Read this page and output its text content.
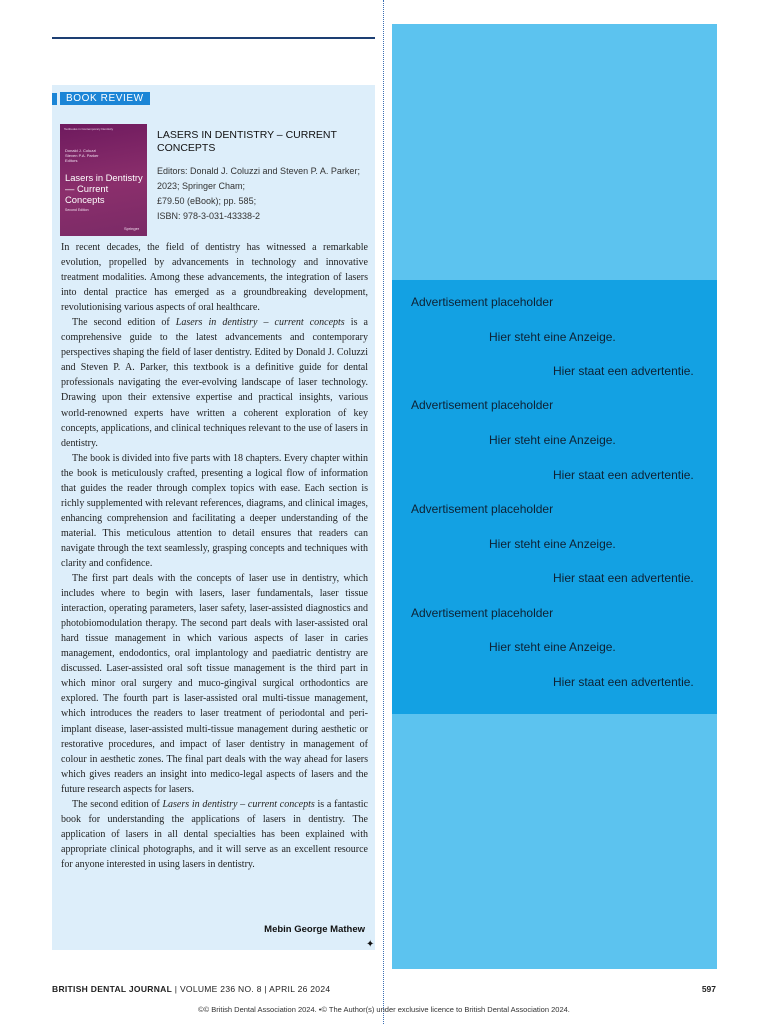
BOOK REVIEW
Textbooks in Contemporary Dentistry
Donald J. Coluzzi
Steven P.A. Parker
Editors
Lasers in Dentistry— Current Concepts
Second Edition
Springer
LASERS IN DENTISTRY – CURRENT CONCEPTS
Editors: Donald J. Coluzzi and Steven P. A. Parker;
2023; Springer Cham;
£79.50 (eBook); pp. 585;
ISBN: 978-3-031-43338-2

In recent decades, the field of dentistry has witnessed a remarkable evolution, propelled by advancements in technology and innovative treatment modalities. Among these advancements, the integration of lasers into dental practice has emerged as a groundbreaking development, revolutionising various aspects of oral healthcare.

The second edition of Lasers in dentistry – current concepts is a comprehensive guide to the latest advancements and contemporary perspectives shaping the field of laser dentistry. Edited by Donald J. Coluzzi and Steven P. A. Parker, this textbook is a definitive guide for dental professionals navigating the ever-evolving landscape of laser technology. Drawing upon their extensive expertise and practical insights, various world-renowned experts have written a coherent exploration of key concepts, applications, and clinical techniques relevant to the use of lasers in dentistry.

The book is divided into five parts with 18 chapters. Every chapter within the book is meticulously crafted, presenting a logical flow of information that guides the reader through complex topics with ease. Each section is richly supplemented with relevant references, diagrams, and clinical images, enhancing comprehension and facilitating a deeper understanding of the material. This meticulous attention to detail ensures that readers can navigate through the text seamlessly, grasping concepts and techniques with clarity and confidence.

The first part deals with the concepts of laser use in dentistry, which includes where to begin with lasers, laser fundamentals, laser tissue interaction, operating parameters, laser safety, laser-assisted diagnostics and photobiomodulation therapy. The second part deals with laser-assisted oral hard tissue management in which various aspects of laser in caries management, endodontics, oral implantology and paediatric dentistry are discussed. Laser-assisted oral soft tissue management is the third part in which minor oral surgery and muco-gingival surgical orthodontics are explored. The fourth part is laser-assisted oral multi-tissue management, which introduces the readers to laser treatment of periodontal and peri-implant disease, laser-assisted multi-tissue management during aesthetic or restorative procedures, and impact of laser dentistry in management of colour in aesthetic zones. The final part deals with the way ahead for lasers which gives readers an insight into medico-legal aspects of lasers and the future research aspects for lasers.

The second edition of Lasers in dentistry – current concepts is a fantastic book for understanding the applications of lasers in dentistry. The application of lasers in all dental specialties has been explained with appropriate clinical photographs, and it will serve as an excellent resource for anyone interested in using lasers in dentistry.

Mebin George Mathew
✦
Advertisement placeholder
Hier steht eine Anzeige.
Hier staat een advertentie.
Advertisement placeholder
Hier steht eine Anzeige.
Hier staat een advertentie.
Advertisement placeholder
Hier steht eine Anzeige.
Hier staat een advertentie.
Advertisement placeholder
Hier steht eine Anzeige.
Hier staat een advertentie.
BRITISH DENTAL JOURNAL | VOLUME 236 NO. 8 | APRIL 26 2024	597
©© British Dental Association 2024. •© The Author(s) under exclusive licence to British Dental Association 2024.
